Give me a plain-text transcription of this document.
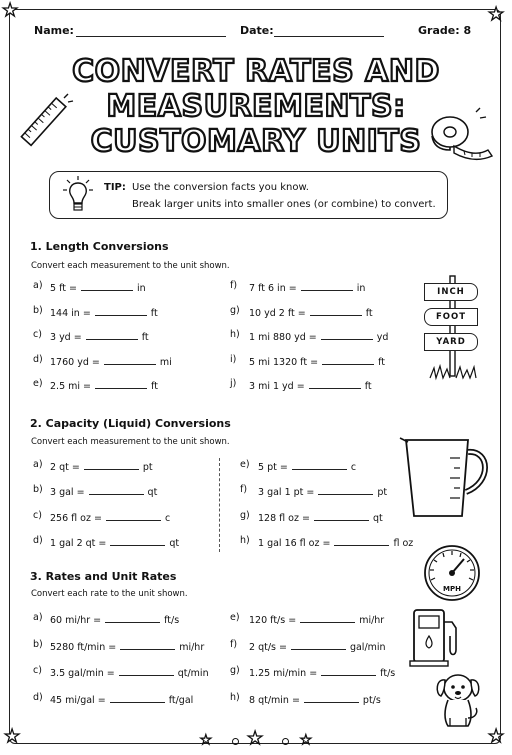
★	★
★	★
★ ★	★
Name:	Date:	Grade: 8
CONVERT RATES AND
MEASUREMENTS:
CUSTOMARY UNITS
TIP: Use the conversion facts you know.
Break larger units into smaller ones (or combine) to convert.
1. Length Conversions
Convert each measurement to the unit shown.
2. Capacity (Liquid) Conversions
Convert each measurement to the unit shown.
3. Rates and Unit Rates
Convert each rate to the unit shown.
a) 5 ft =	in
b) 144 in =	ft
c) 3 yd =	ft
d) 1760 yd =	mi
e) 2.5 mi =	ft
f) 7 ft 6 in =	in
g) 10 yd 2 ft =	ft
h) 1 mi 880 yd =	yd
i) 5 mi 1320 ft =	ft
j) 3 mi 1 yd =	ft
a) 2 qt =	pt
b) 3 gal =	qt
c) 256 fl oz =	c
d) 1 gal 2 qt =	qt
e) 5 pt =	c
f) 3 gal 1 pt =	pt
g) 128 fl oz =	qt
h) 1 gal 16 fl oz =	fl oz
a) 60 mi/hr =	ft/s
b) 5280 ft/min =	mi/hr
c) 3.5 gal/min =	qt/min
d) 45 mi/gal =	ft/gal
e) 120 ft/s =	mi/hr
f) 2 qt/s =	gal/min
g) 1.25 mi/min =	ft/s
h) 8 qt/min =	pt/s
INCH
FOOT
YARD
MPH
